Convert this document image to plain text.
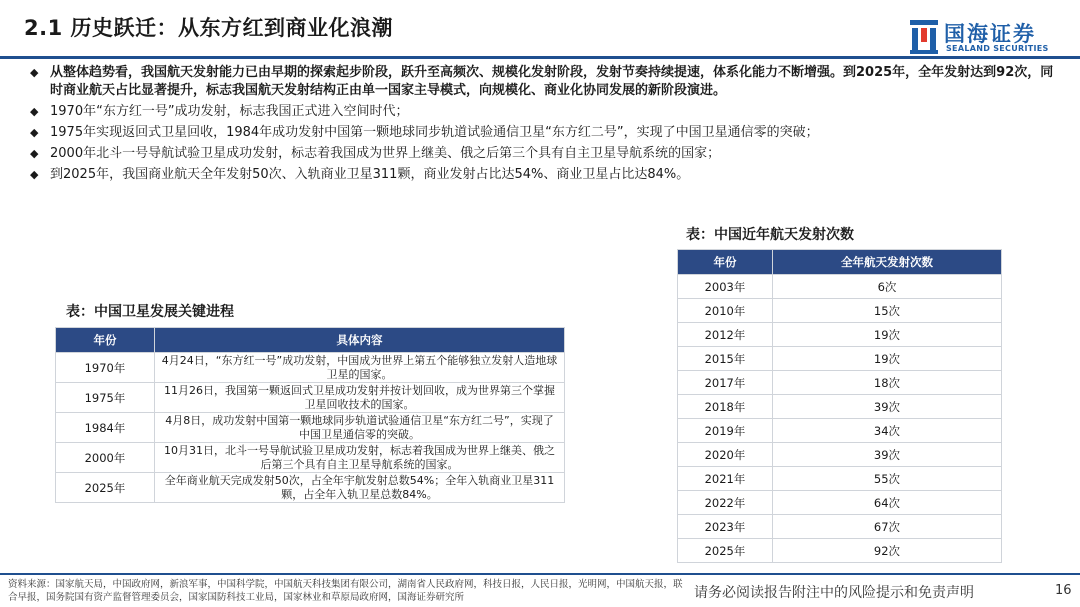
2.1 历史跃迁：从东方红到商业化浪潮	国海证券
SEALAND SECURITIES
◆ 从整体趋势看，我国航天发射能力已由早期的探索起步阶段，跃升至高频次、规模化发射阶段，发射节奏持续提速，体系化能力不断增强。到2025年，全年发射达到92次，同时商业航天占比显著提升，标志我国航天发射结构正由单一国家主导模式，向规模化、商业化协同发展的新阶段演进。
◆ 1970年“东方红一号”成功发射，标志我国正式进入空间时代；
◆ 1975年实现返回式卫星回收，1984年成功发射中国第一颗地球同步轨道试验通信卫星“东方红二号”，实现了中国卫星通信零的突破；
◆ 2000年北斗一号导航试验卫星成功发射，标志着我国成为世界上继美、俄之后第三个具有自主卫星导航系统的国家；
◆ 到2025年，我国商业航天全年发射50次、入轨商业卫星311颗，商业发射占比达54%、商业卫星占比达84%。
表：中国卫星发展关键进程
年份	具体内容
1970年	4月24日，“东方红一号”成功发射，中国成为世界上第五个能够独立发射人造地球卫星的国家。
1975年	11月26日，我国第一颗返回式卫星成功发射并按计划回收，成为世界第三个掌握卫星回收技术的国家。
1984年	4月8日，成功发射中国第一颗地球同步轨道试验通信卫星“东方红二号”，实现了中国卫星通信零的突破。
2000年	10月31日，北斗一号导航试验卫星成功发射，标志着我国成为世界上继美、俄之后第三个具有自主卫星导航系统的国家。
2025年	全年商业航天完成发射50次，占全年宇航发射总数54%；全年入轨商业卫星311颗，占全年入轨卫星总数84%。
表：中国近年航天发射次数
年份	全年航天发射次数
2003年	6次
2010年	15次
2012年	19次
2015年	19次
2017年	18次
2018年	39次
2019年	34次
2020年	39次
2021年	55次
2022年	64次
2023年	67次
2025年	92次
资料来源：国家航天局，中国政府网，新浪军事，中国科学院，中国航天科技集团有限公司，湖南省人民政府网，科技日报，人民日报，光明网，中国航天报，联合早报，国务院国有资产监督管理委员会，国家国防科技工业局，国家林业和草原局政府网，国海证券研究所	请务必阅读报告附注中的风险提示和免责声明	16
